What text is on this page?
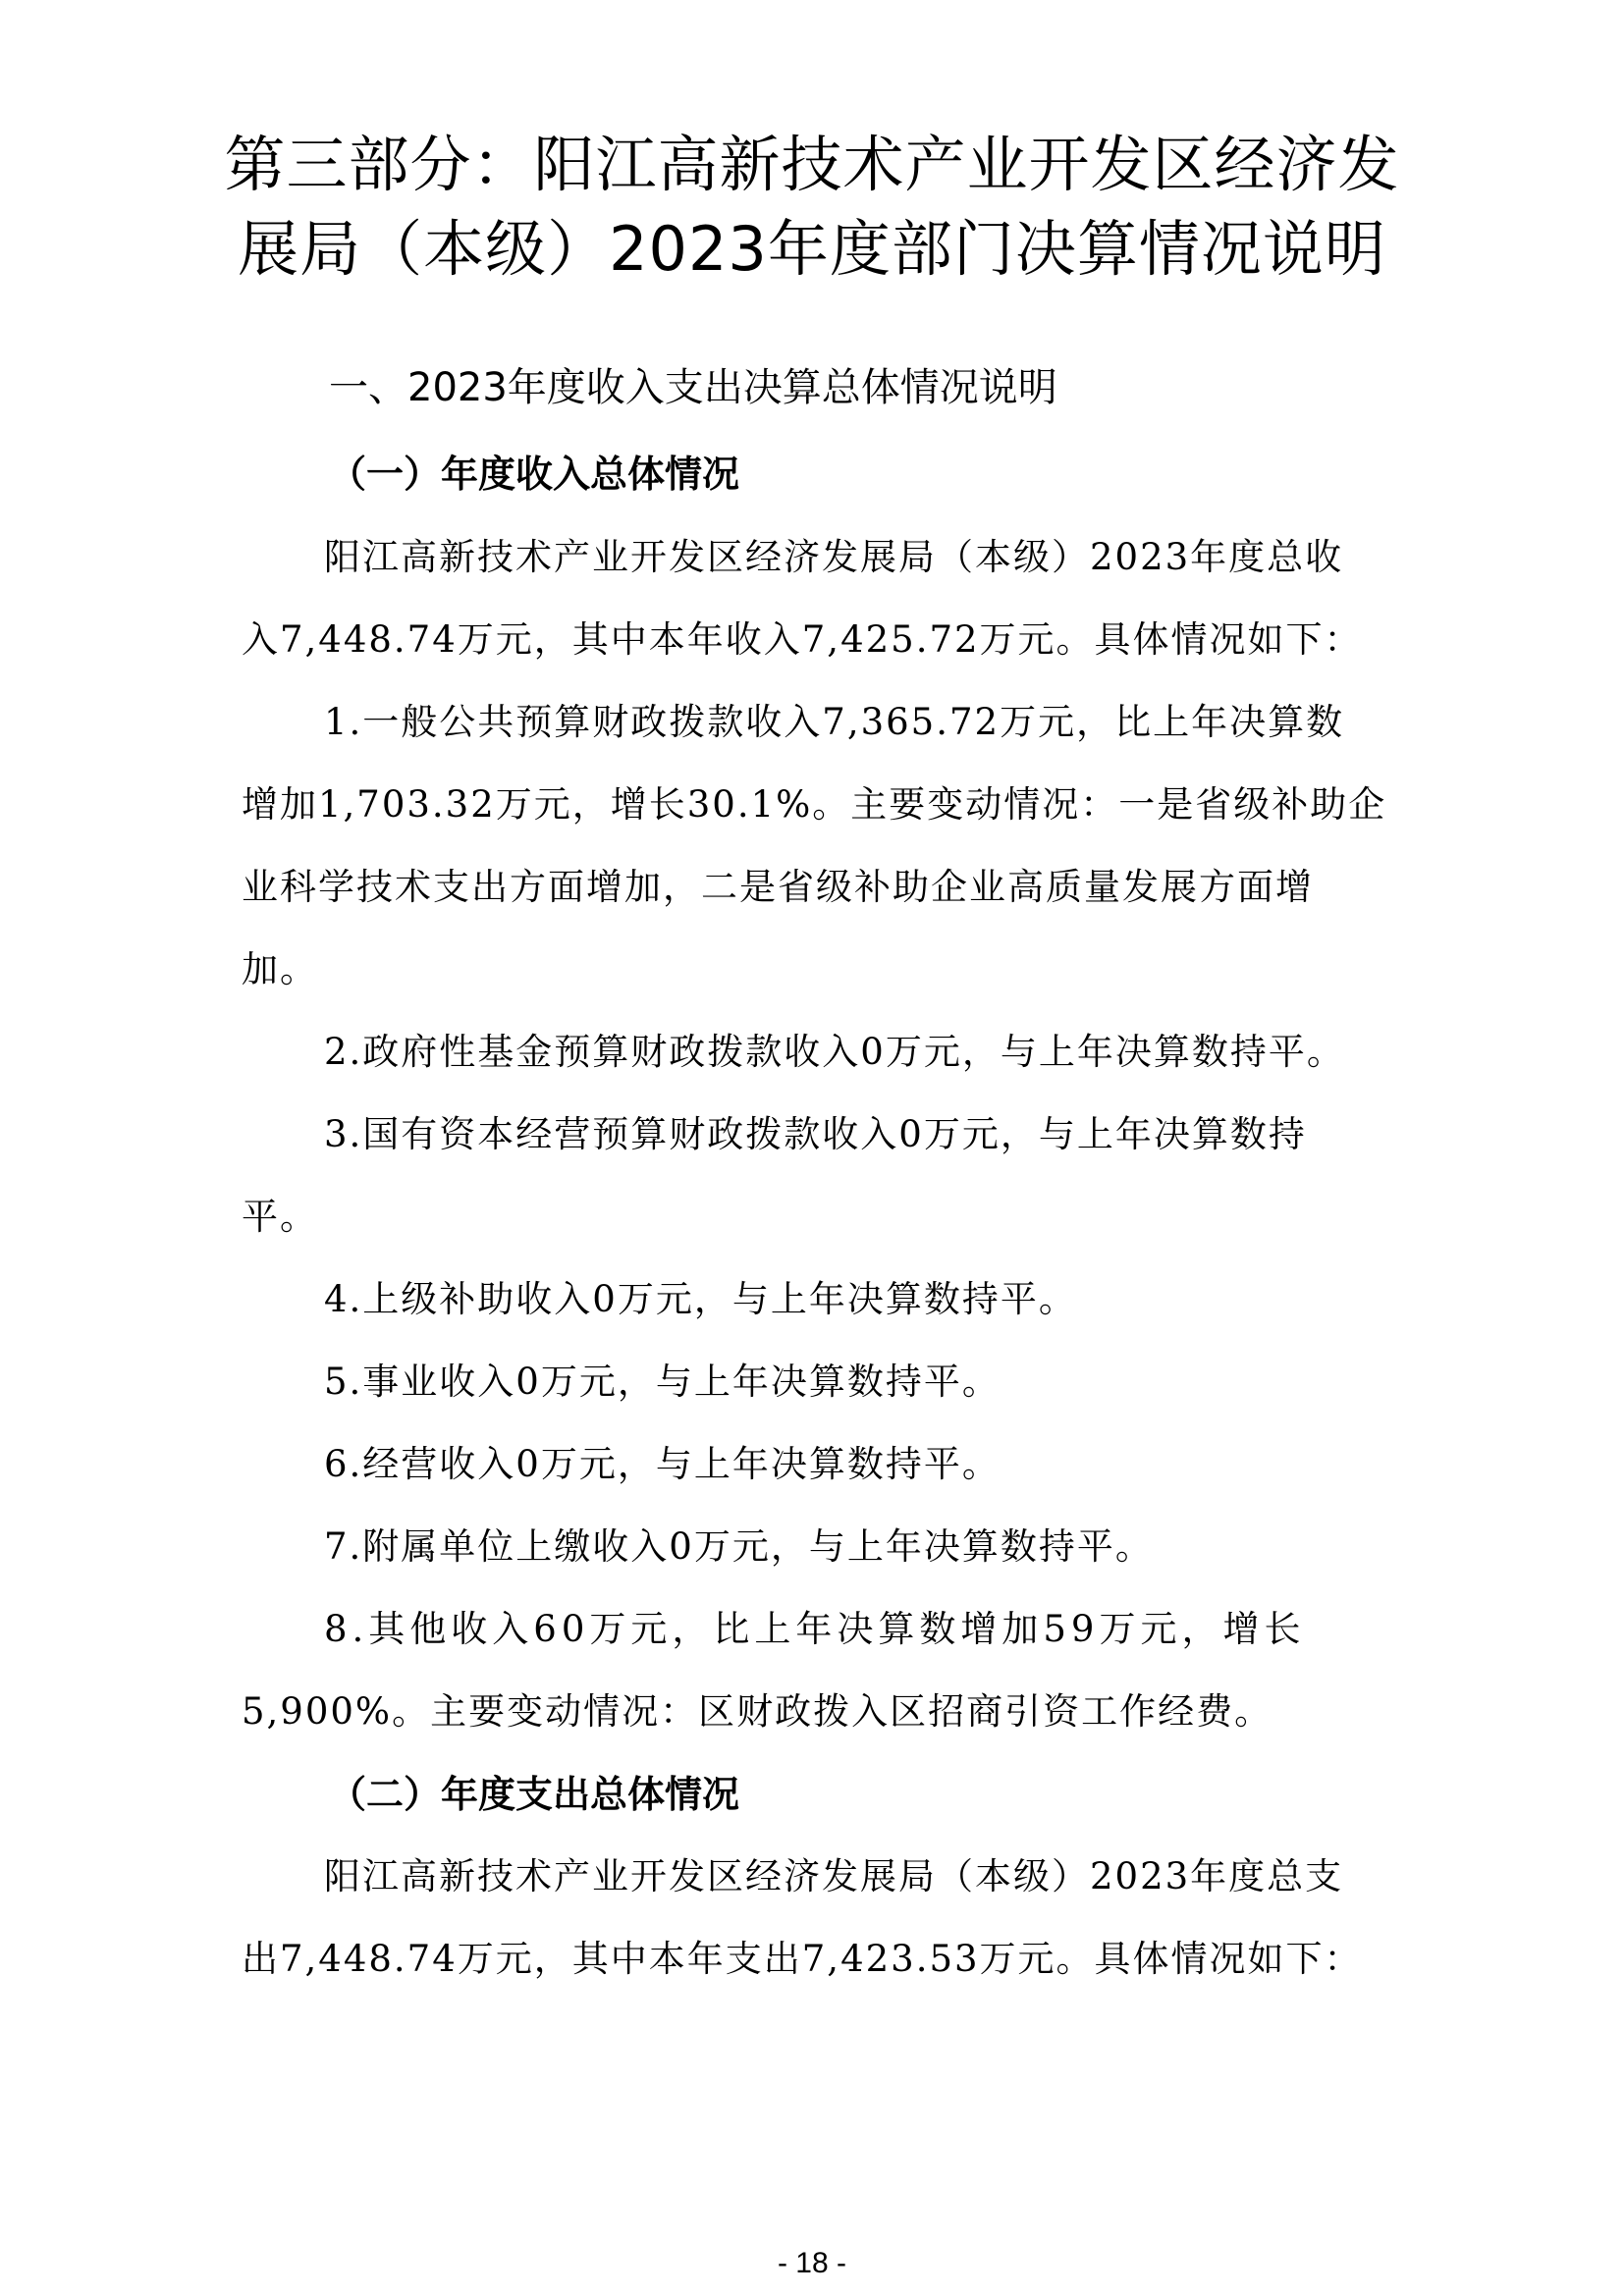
第三部分：阳江高新技术产业开发区经济发
展局（本级）2023年度部门决算情况说明
一、2023年度收入支出决算总体情况说明
（一）年度收入总体情况
阳江高新技术产业开发区经济发展局（本级）2023年度总收
入7,448.74万元，其中本年收入7,425.72万元。具体情况如下：
1.一般公共预算财政拨款收入7,365.72万元，比上年决算数
增加1,703.32万元，增长30.1%。主要变动情况：一是省级补助企
业科学技术支出方面增加，二是省级补助企业高质量发展方面增
加。
2.政府性基金预算财政拨款收入0万元，与上年决算数持平。
3.国有资本经营预算财政拨款收入0万元，与上年决算数持
平。
4.上级补助收入0万元，与上年决算数持平。
5.事业收入0万元，与上年决算数持平。
6.经营收入0万元，与上年决算数持平。
7.附属单位上缴收入0万元，与上年决算数持平。
8.其他收入60万元，比上年决算数增加59万元，增长
5,900%。主要变动情况：区财政拨入区招商引资工作经费。
（二）年度支出总体情况
阳江高新技术产业开发区经济发展局（本级）2023年度总支
出7,448.74万元，其中本年支出7,423.53万元。具体情况如下：
- 18 -
